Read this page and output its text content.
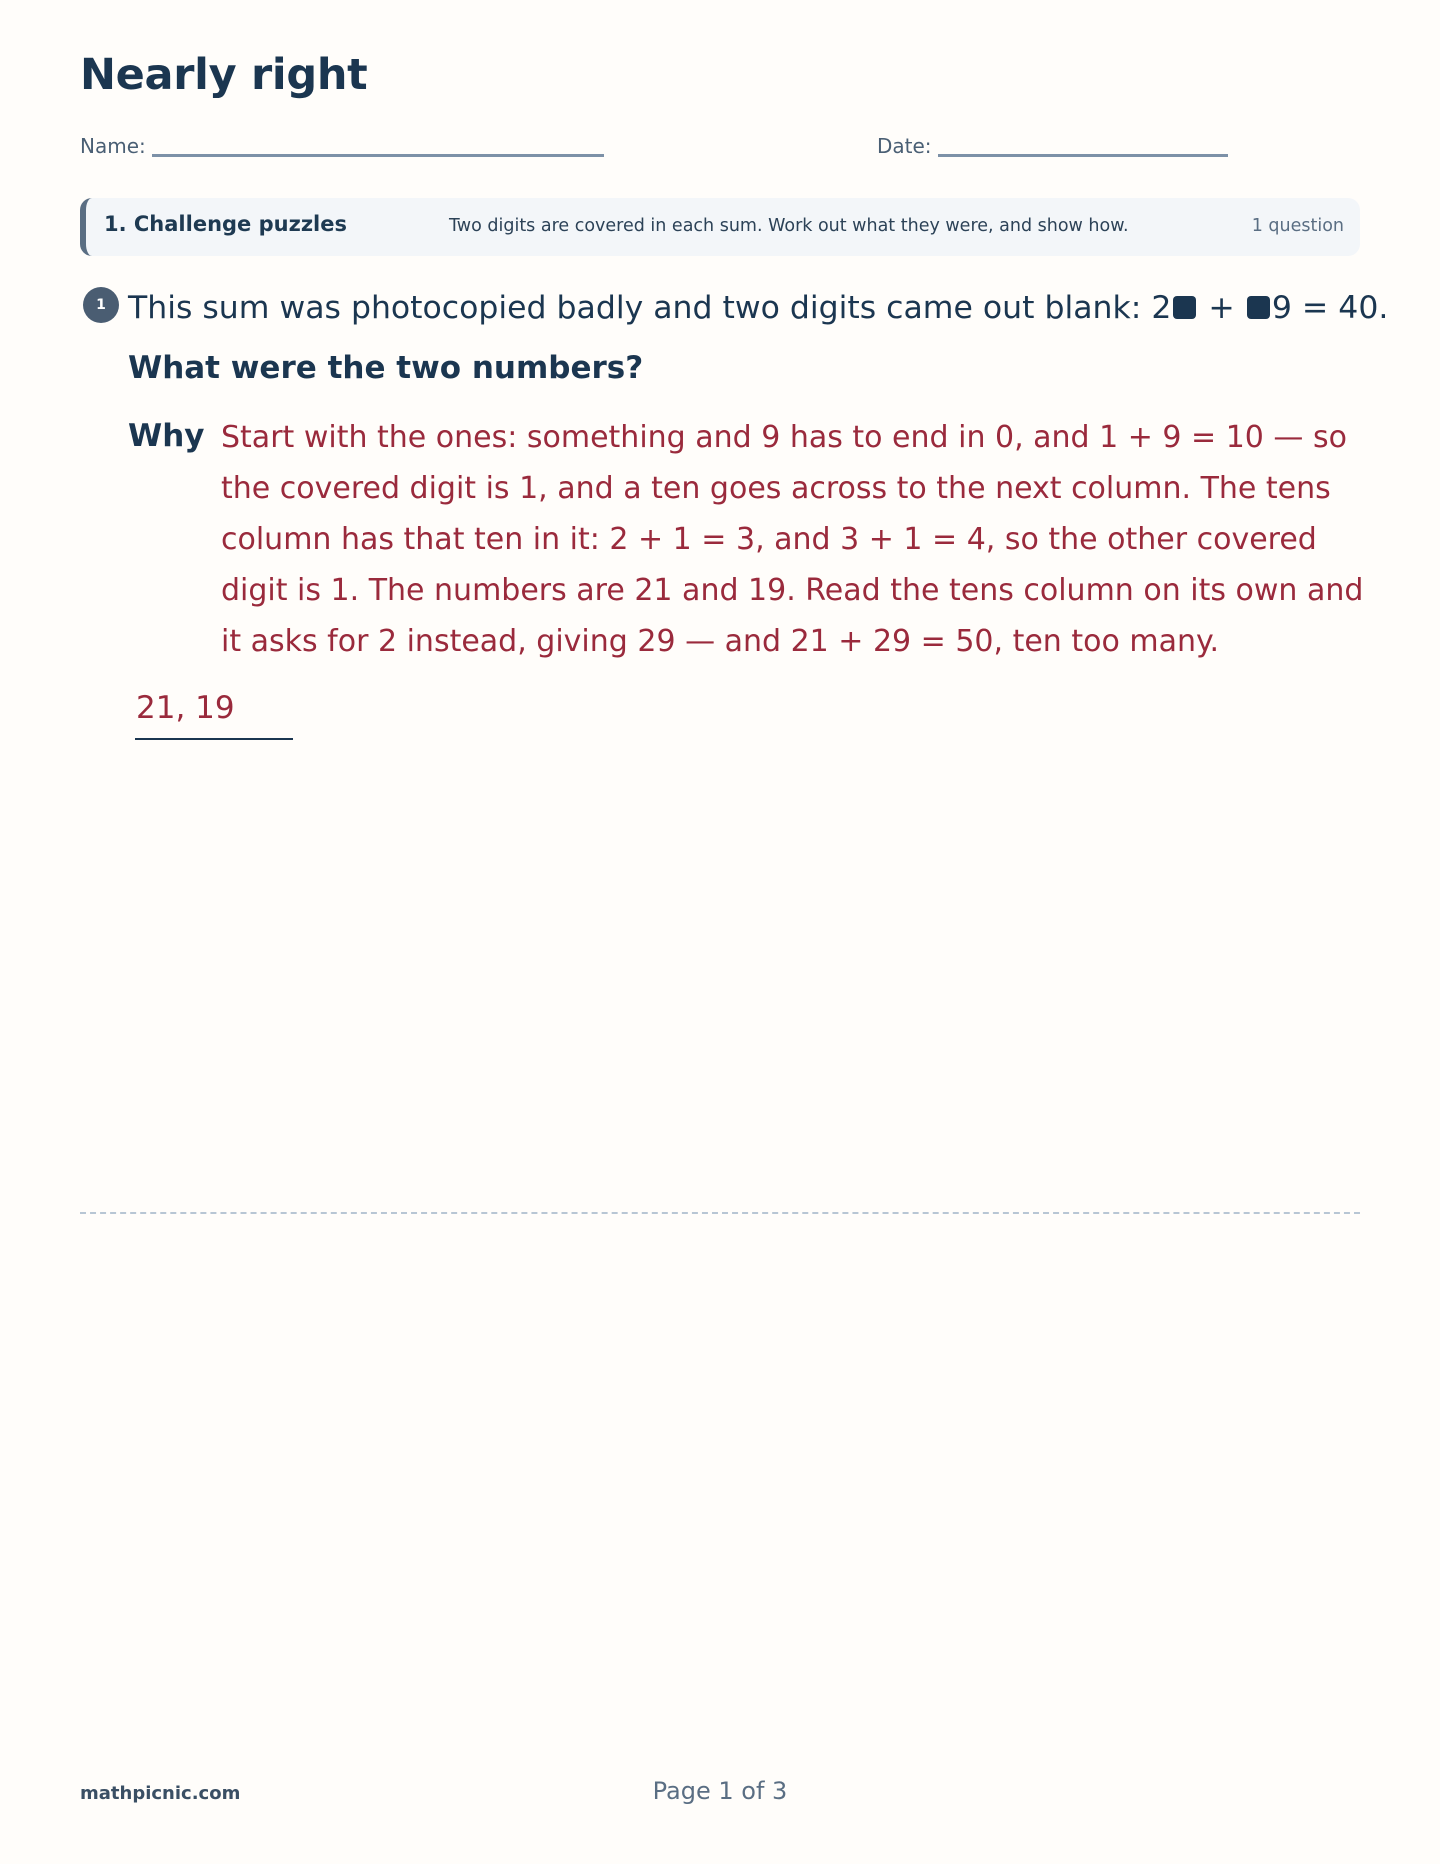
Nearly right
Name:	Date:
1. Challenge puzzles	Two digits are covered in each sum. Work out what they were, and show how.	1 question
1 This sum was photocopied badly and two digits came out blank: 2 + 9 = 40.
What were the two numbers?
Why Start with the ones: something and 9 has to end in 0, and 1 + 9 = 10 — so the covered digit is 1, and a ten goes across to the next column. The tens column has that ten in it: 2 + 1 = 3, and 3 + 1 = 4, so the other covered digit is 1. The numbers are 21 and 19. Read the tens column on its own and it asks for 2 instead, giving 29 — and 21 + 29 = 50, ten too many.
21, 19
mathpicnic.com	Page 1 of 3
